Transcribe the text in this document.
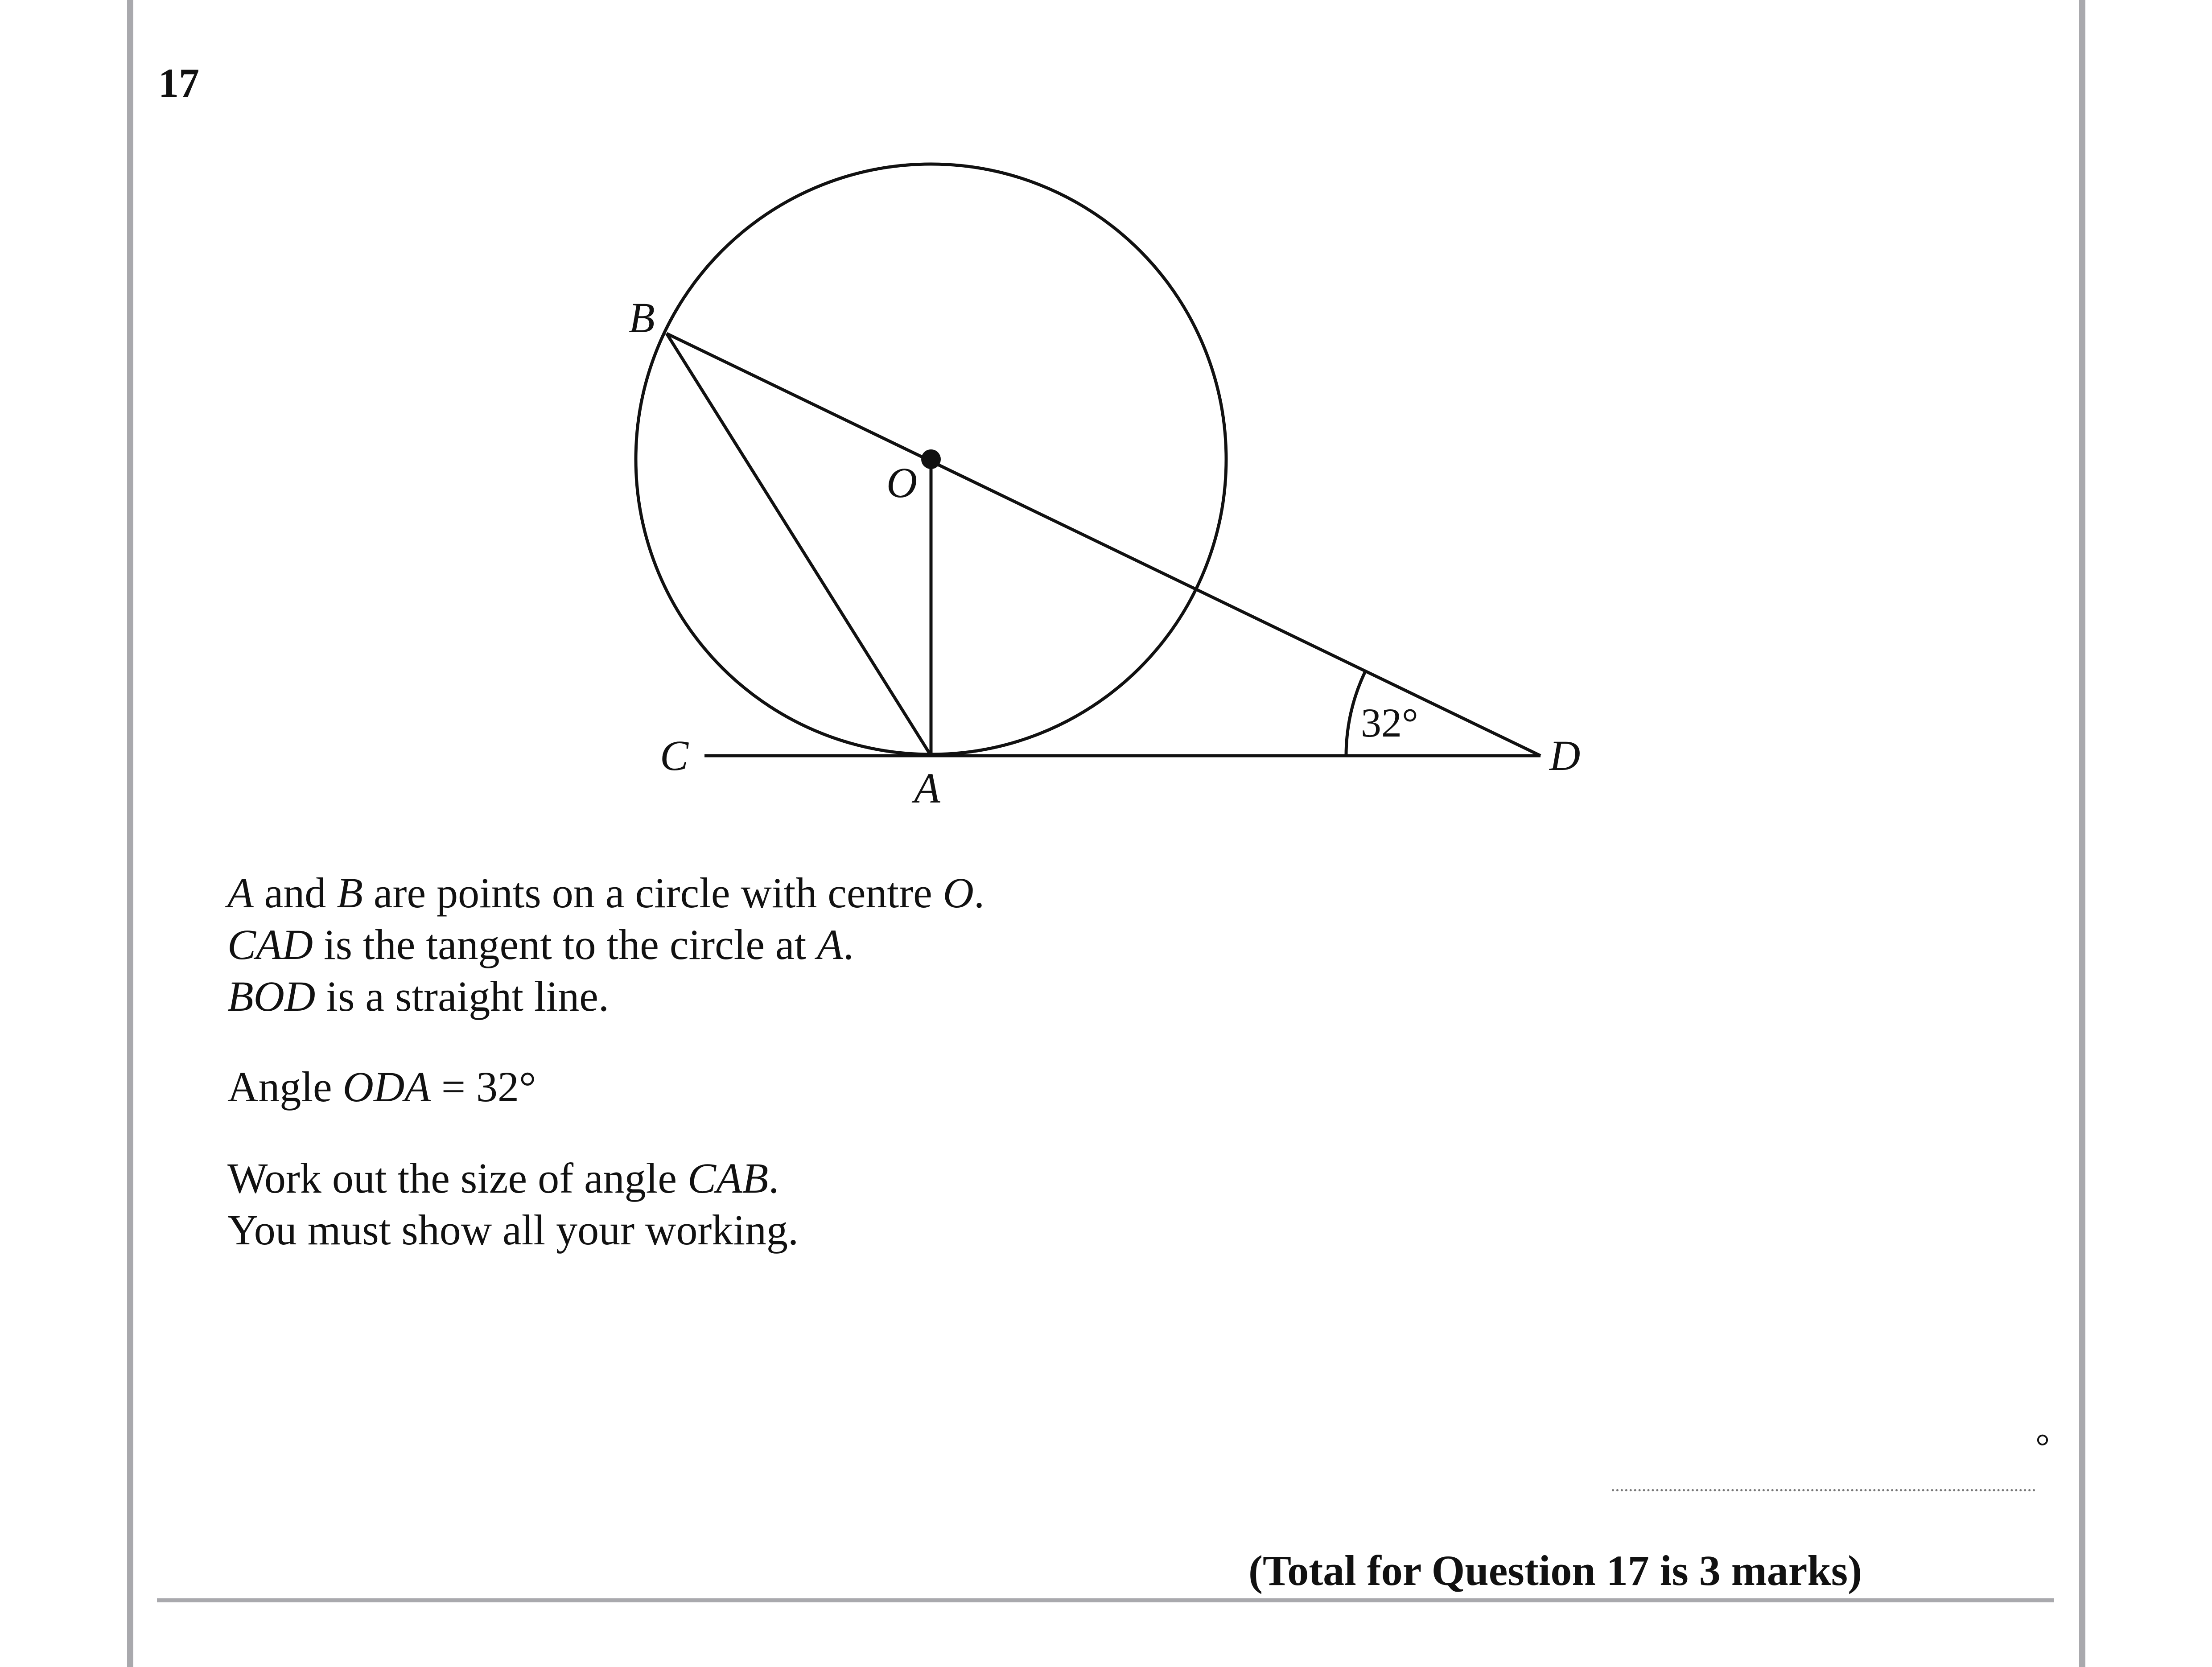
17
B
O
C
A
D
32°

A and B are points on a circle with centre O.

CAD is the tangent to the circle at A.

BOD is a straight line.

Angle ODA = 32°

Work out the size of angle CAB.

You must show all your working.

°
(Total for Question 17 is 3 marks)
